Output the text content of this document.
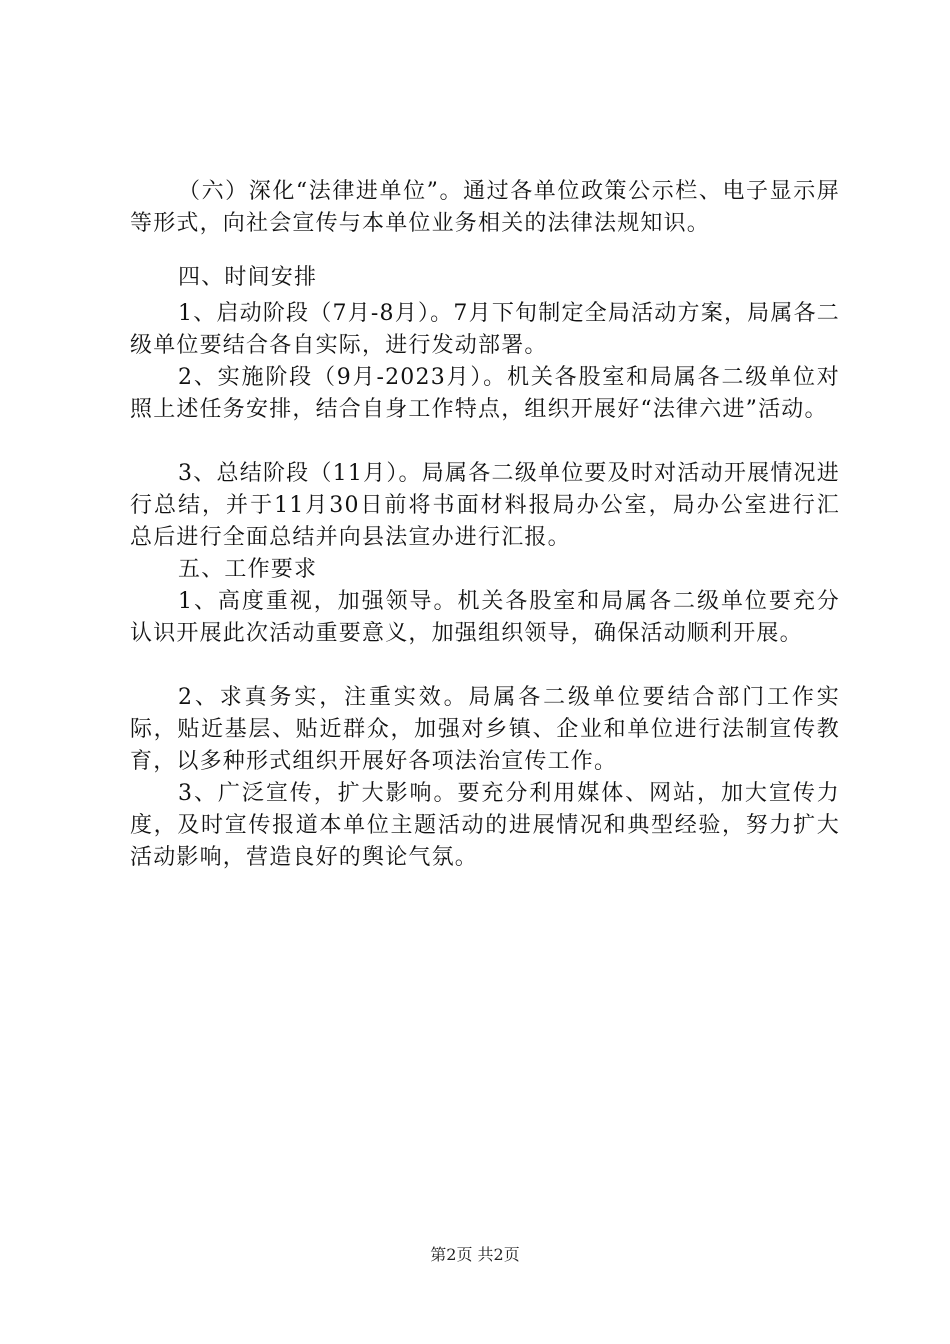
（六）深化“法律进单位”。通过各单位政策公示栏、电子显示屏等形式，向社会宣传与本单位业务相关的法律法规知识。

四、时间安排

1、启动阶段（7月-8月）。7月下旬制定全局活动方案，局属各二级单位要结合各自实际，进行发动部署。

2、实施阶段（9月-2023月）。机关各股室和局属各二级单位对照上述任务安排，结合自身工作特点，组织开展好“法律六进”活动。

3、总结阶段（11月）。局属各二级单位要及时对活动开展情况进行总结，并于11月30日前将书面材料报局办公室，局办公室进行汇总后进行全面总结并向县法宣办进行汇报。

五、工作要求

1、高度重视，加强领导。机关各股室和局属各二级单位要充分认识开展此次活动重要意义，加强组织领导，确保活动顺利开展。

2、求真务实，注重实效。局属各二级单位要结合部门工作实际，贴近基层、贴近群众，加强对乡镇、企业和单位进行法制宣传教育，以多种形式组织开展好各项法治宣传工作。

3、广泛宣传，扩大影响。要充分利用媒体、网站，加大宣传力度，及时宣传报道本单位主题活动的进展情况和典型经验，努力扩大活动影响，营造良好的舆论气氛。

第2页 共2页
